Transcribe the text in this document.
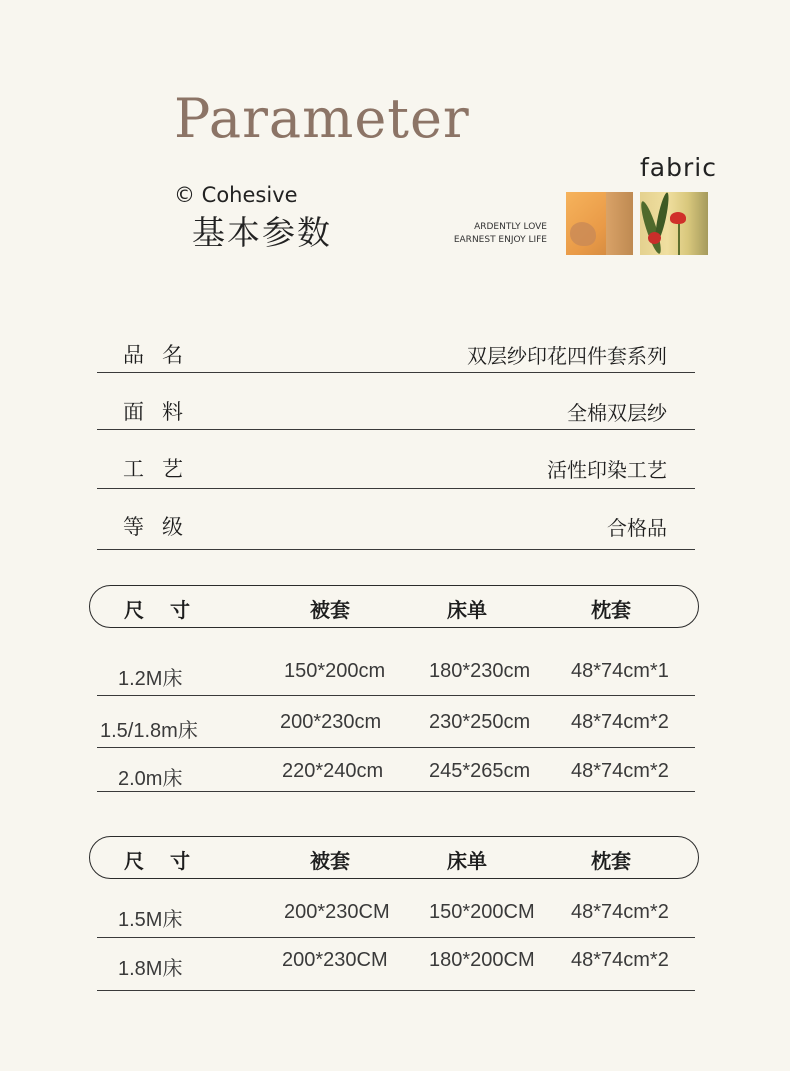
Parameter
© Cohesive
基本参数
fabric
ARDENTLY LOVE
EARNEST ENJOY LIFE
品名	双层纱印花四件套系列
面料	全棉双层纱
工艺	活性印染工艺
等级	合格品
尺寸	被套	床单	枕套
1.2M床	150*200cm 180*230cm 48*74cm*1
1.5/1.8m床	200*230cm 230*250cm 48*74cm*2
2.0m床	220*240cm 245*265cm 48*74cm*2
尺寸	被套	床单	枕套
1.5M床	200*230CM 150*200CM 48*74cm*2
1.8M床	200*230CM 180*200CM 48*74cm*2
